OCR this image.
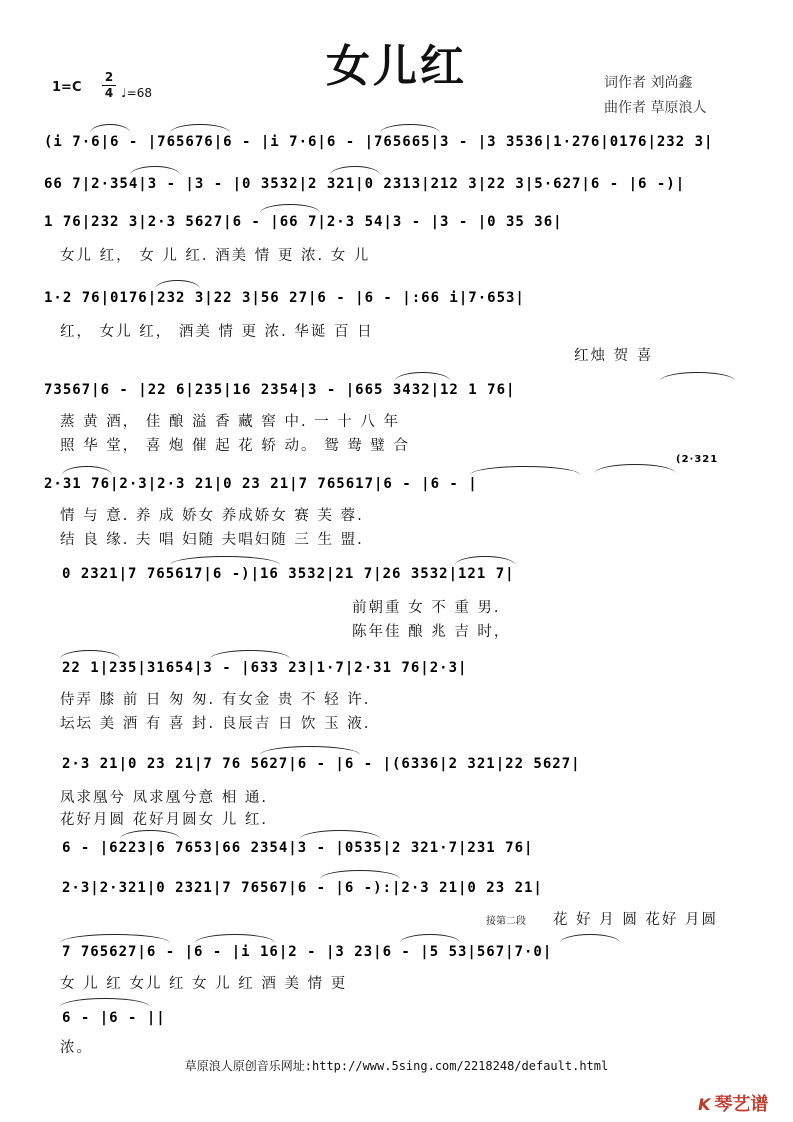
女儿红
1=C
2
4 ♩=68
词作者 刘尚鑫
曲作者 草原浪人
(i 7·6|6 - |765676|6 - |i 7·6|6 - |765665|3 - |3 3536|1·276|0176|232 3|
66 7|2·354|3 - |3 - |0 3532|2 321|0 2313|212 3|22 3|5·627|6 - |6 -)|
1 76|232 3|2·3 5627|6 - |66 7|2·3 54|3 - |3 - |0 35 36|
女儿 红， 女 儿 红. 酒美 情 更 浓. 女 儿
1·2 76|0176|232 3|22 3|56 27|6 - |6 - |:66 i|7·653|
红， 女儿 红， 酒美 情 更 浓. 华诞 百 日
红烛 贺 喜
73567|6 - |22 6|235|16 2354|3 - |665 3432|12 1 76|
蒸 黄 酒， 佳 酿 溢 香 藏 窖 中. 一 十 八 年
照 华 堂， 喜 炮 催 起 花 轿 动。 鸳 鸯 璧 合
2·31 76|2·3|2·3 21|0 23 21|7 765617|6 - |6 - |
(2·321
情 与 意. 养 成 娇女 养成娇女 赛 芙 蓉.
结 良 缘. 夫 唱 妇随 夫唱妇随 三 生 盟.
0 2321|7 765617|6 -)|16 3532|21 7|26 3532|121 7|
前朝重 女 不 重 男.
陈年佳 酿 兆 吉 时，
22 1|235|31654|3 - |633 23|1·7|2·31 76|2·3|
侍弄 膝 前 日 匆 匆. 有女金 贵 不 轻 许.
坛坛 美 酒 有 喜 封. 良辰吉 日 饮 玉 液.
2·3 21|0 23 21|7 76 5627|6 - |6 - |(6336|2 321|22 5627|
凤求凰兮 凤求凰兮意 相 通.
花好月圆 花好月圆女 儿 红.
6 - |6223|6 7653|66 2354|3 - |0535|2 321·7|231 76|
2·3|2·321|0 2321|7 76567|6 - |6 -):|2·3 21|0 23 21|
接第二段 花 好 月 圆 花好 月圆
7 765627|6 - |6 - |i 16|2 - |3 23|6 - |5 53|567|7·0|
女 儿 红 女儿 红 女 儿 红 酒 美 情 更
6 - |6 - ||
浓。
草原浪人原创音乐网址:http://www.5sing.com/2218248/default.html
K 琴艺谱
